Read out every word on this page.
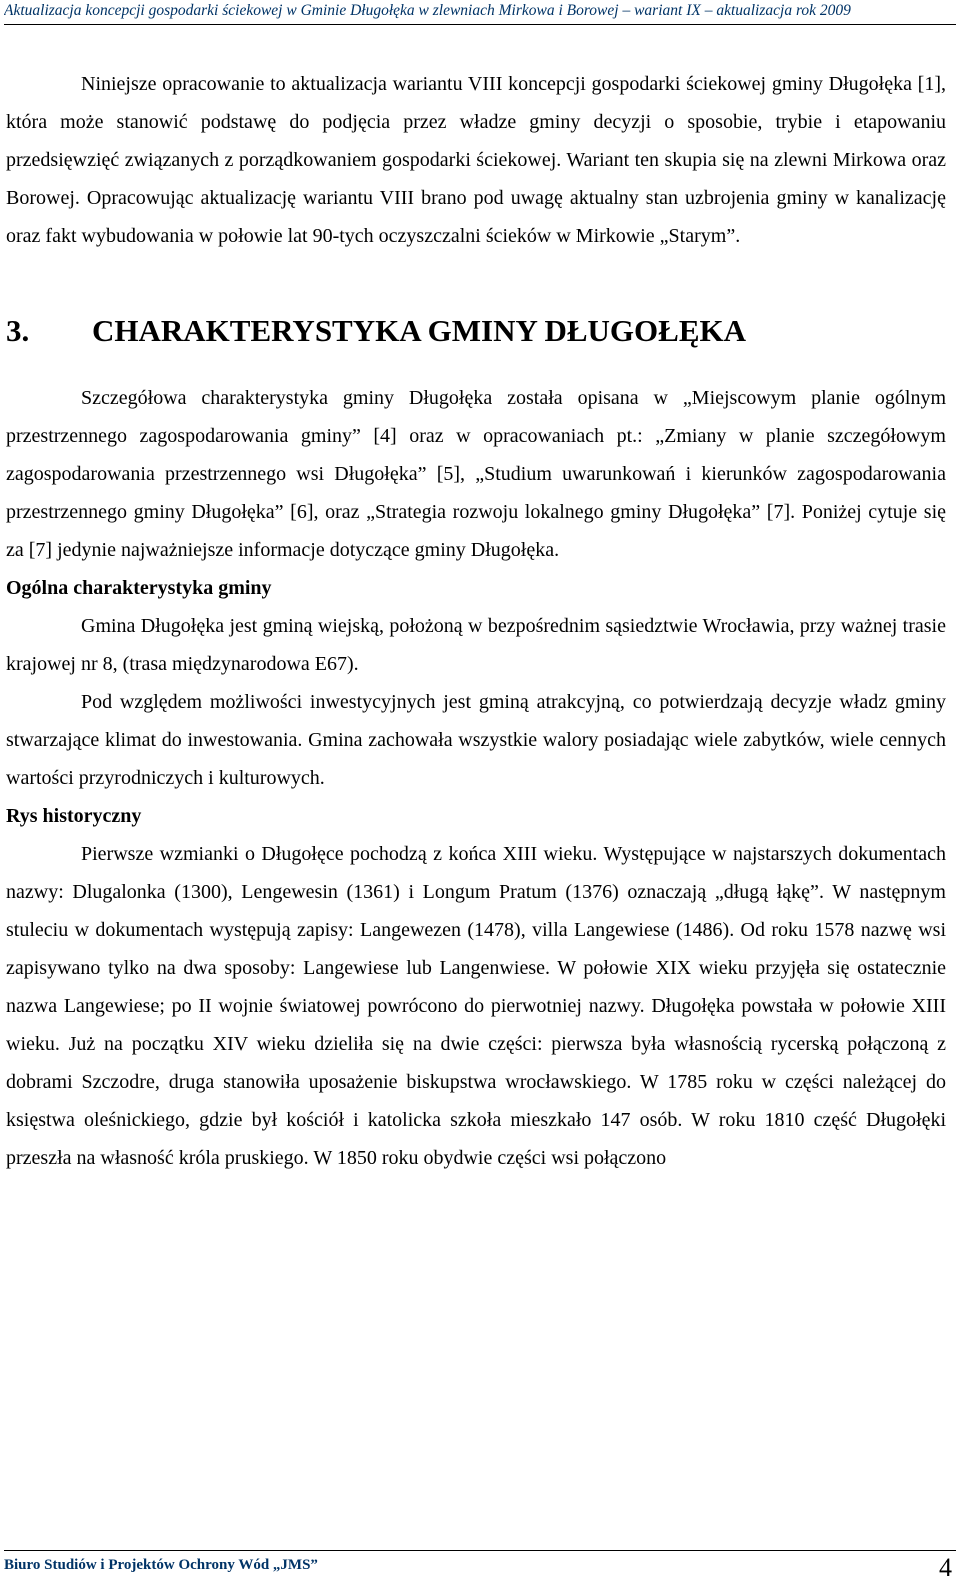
Aktualizacja koncepcji gospodarki ściekowej w Gminie Długołęka w zlewniach Mirkowa i Borowej – wariant IX – aktualizacja rok 2009

Niniejsze opracowanie to aktualizacja wariantu VIII koncepcji gospodarki ściekowej gminy Długołęka [1], która może stanowić podstawę do podjęcia przez władze gminy decyzji o sposobie, trybie i etapowaniu przedsięwzięć związanych z porządkowaniem gospodarki ściekowej. Wariant ten skupia się na zlewni Mirkowa oraz Borowej. Opracowując aktualizację wariantu VIII brano pod uwagę aktualny stan uzbrojenia gminy w kanalizację oraz fakt wybudowania w połowie lat 90-tych oczyszczalni ścieków w Mirkowie „Starym”.

3. CHARAKTERYSTYKA GMINY DŁUGOŁĘKA

Szczegółowa charakterystyka gminy Długołęka została opisana w „Miejscowym planie ogólnym przestrzennego zagospodarowania gminy” [4] oraz w opracowaniach pt.: „Zmiany w planie szczegółowym zagospodarowania przestrzennego wsi Długołęka” [5], „Studium uwarunkowań i kierunków zagospodarowania przestrzennego gminy Długołęka” [6], oraz „Strategia rozwoju lokalnego gminy Długołęka” [7]. Poniżej cytuje się za [7] jedynie najważniejsze informacje dotyczące gminy Długołęka.

Ogólna charakterystyka gminy

Gmina Długołęka jest gminą wiejską, położoną w bezpośrednim sąsiedztwie Wrocławia, przy ważnej trasie krajowej nr 8, (trasa międzynarodowa E67).

Pod względem możliwości inwestycyjnych jest gminą atrakcyjną, co potwierdzają decyzje władz gminy stwarzające klimat do inwestowania. Gmina zachowała wszystkie walory posiadając wiele zabytków, wiele cennych wartości przyrodniczych i kulturowych.

Rys historyczny

Pierwsze wzmianki o Długołęce pochodzą z końca XIII wieku. Występujące w najstarszych dokumentach nazwy: Dlugalonka (1300), Lengewesin (1361) i Longum Pratum (1376) oznaczają „długą łąkę”. W następnym stuleciu w dokumentach występują zapisy: Langewezen (1478), villa Langewiese (1486). Od roku 1578 nazwę wsi zapisywano tylko na dwa sposoby: Langewiese lub Langenwiese. W połowie XIX wieku przyjęła się ostatecznie nazwa Langewiese; po II wojnie światowej powrócono do pierwotniej nazwy. Długołęka powstała w połowie XIII wieku. Już na początku XIV wieku dzieliła się na dwie części: pierwsza była własnością rycerską połączoną z dobrami Szczodre, druga stanowiła uposażenie biskupstwa wrocławskiego. W 1785 roku w części należącej do księstwa oleśnickiego, gdzie był kościół i katolicka szkoła mieszkało 147 osób. W roku 1810 część Długołęki przeszła na własność króla pruskiego. W 1850 roku obydwie części wsi połączono

Biuro Studiów i Projektów Ochrony Wód „JMS”	4
